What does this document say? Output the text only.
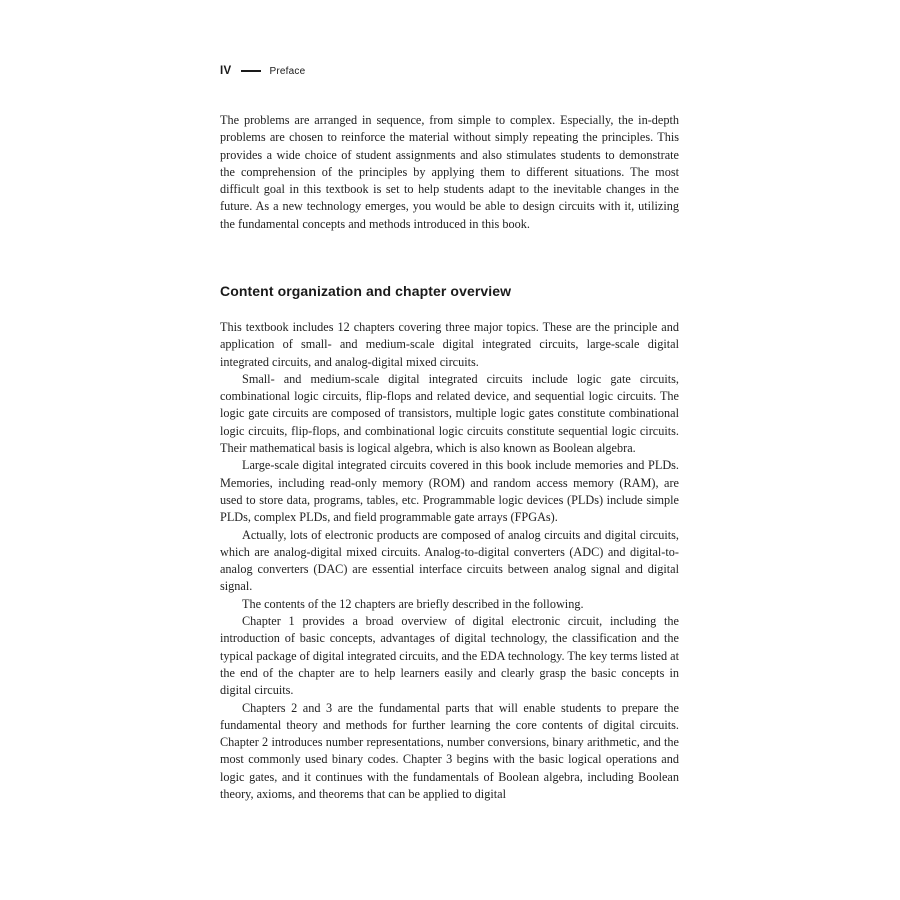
IV	Preface

The problems are arranged in sequence, from simple to complex. Especially, the in-depth problems are chosen to reinforce the material without simply repeating the principles. This provides a wide choice of student assignments and also stimulates students to demonstrate the comprehension of the principles by applying them to different situations. The most difficult goal in this textbook is set to help students adapt to the inevitable changes in the future. As a new technology emerges, you would be able to design circuits with it, utilizing the fundamental concepts and methods introduced in this book.

Content organization and chapter overview

This textbook includes 12 chapters covering three major topics. These are the principle and application of small- and medium-scale digital integrated circuits, large-scale digital integrated circuits, and analog-digital mixed circuits.

Small- and medium-scale digital integrated circuits include logic gate circuits, combinational logic circuits, flip-flops and related device, and sequential logic circuits. The logic gate circuits are composed of transistors, multiple logic gates constitute combinational logic circuits, flip-flops, and combinational logic circuits constitute sequential logic circuits. Their mathematical basis is logical algebra, which is also known as Boolean algebra.

Large-scale digital integrated circuits covered in this book include memories and PLDs. Memories, including read-only memory (ROM) and random access memory (RAM), are used to store data, programs, tables, etc. Programmable logic devices (PLDs) include simple PLDs, complex PLDs, and field programmable gate arrays (FPGAs).

Actually, lots of electronic products are composed of analog circuits and digital circuits, which are analog-digital mixed circuits. Analog-to-digital converters (ADC) and digital-to-analog converters (DAC) are essential interface circuits between analog signal and digital signal.

The contents of the 12 chapters are briefly described in the following.

Chapter 1 provides a broad overview of digital electronic circuit, including the introduction of basic concepts, advantages of digital technology, the classification and the typical package of digital integrated circuits, and the EDA technology. The key terms listed at the end of the chapter are to help learners easily and clearly grasp the basic concepts in digital circuits.

Chapters 2 and 3 are the fundamental parts that will enable students to prepare the fundamental theory and methods for further learning the core contents of digital circuits. Chapter 2 introduces number representations, number conversions, binary arithmetic, and the most commonly used binary codes. Chapter 3 begins with the basic logical operations and logic gates, and it continues with the fundamentals of Boolean algebra, including Boolean theory, axioms, and theorems that can be applied to digital
